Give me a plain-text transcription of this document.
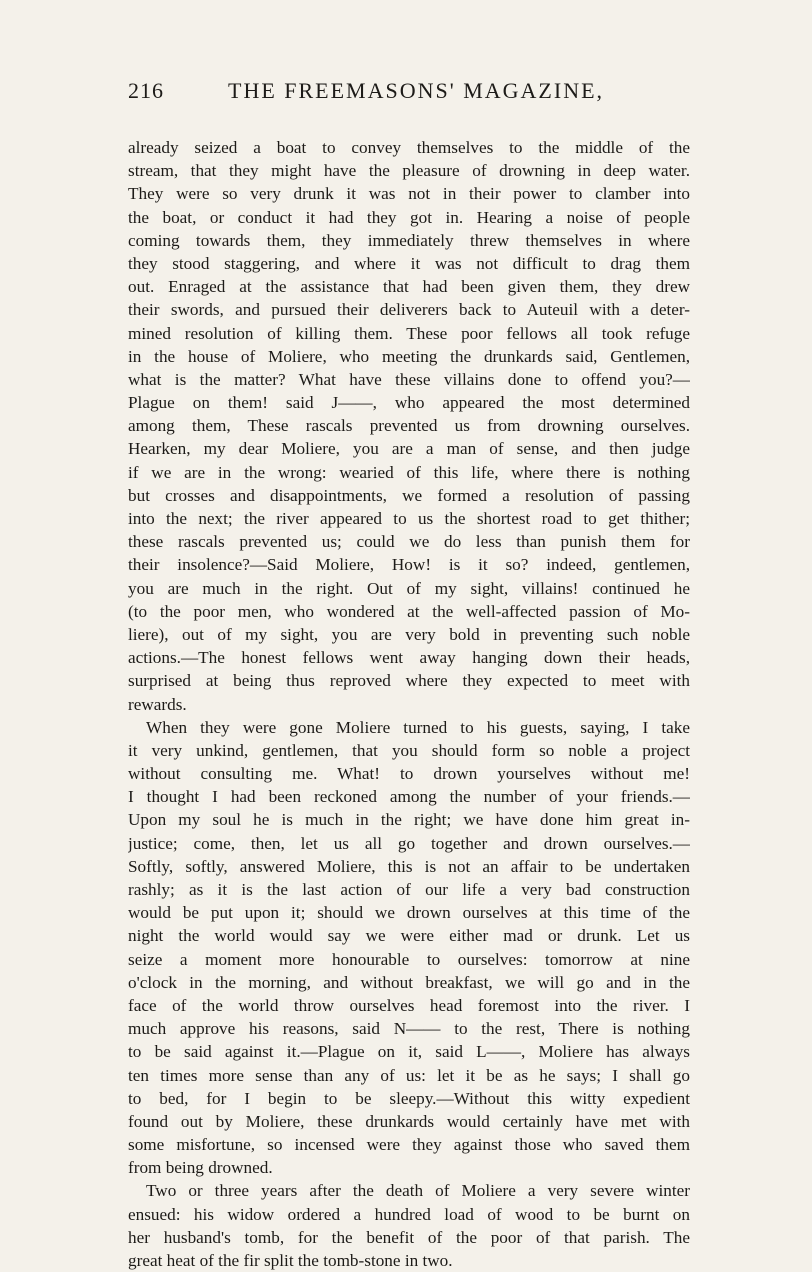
216	THE FREEMASONS' MAGAZINE,
already seized a boat to convey themselves to the middle of the
stream, that they might have the pleasure of drowning in deep water.
They were so very drunk it was not in their power to clamber into
the boat, or conduct it had they got in. Hearing a noise of people
coming towards them, they immediately threw themselves in where
they stood staggering, and where it was not difficult to drag them
out. Enraged at the assistance that had been given them, they drew
their swords, and pursued their deliverers back to Auteuil with a deter-
mined resolution of killing them. These poor fellows all took refuge
in the house of Moliere, who meeting the drunkards said, Gentlemen,
what is the matter? What have these villains done to offend you?—
Plague on them! said J——, who appeared the most determined
among them, These rascals prevented us from drowning ourselves.
Hearken, my dear Moliere, you are a man of sense, and then judge
if we are in the wrong: wearied of this life, where there is nothing
but crosses and disappointments, we formed a resolution of passing
into the next; the river appeared to us the shortest road to get thither;
these rascals prevented us; could we do less than punish them for
their insolence?—Said Moliere, How! is it so? indeed, gentlemen,
you are much in the right. Out of my sight, villains! continued he
(to the poor men, who wondered at the well-affected passion of Mo-
liere), out of my sight, you are very bold in preventing such noble
actions.—The honest fellows went away hanging down their heads,
surprised at being thus reproved where they expected to meet with
rewards.
When they were gone Moliere turned to his guests, saying, I take
it very unkind, gentlemen, that you should form so noble a project
without consulting me. What! to drown yourselves without me!
I thought I had been reckoned among the number of your friends.—
Upon my soul he is much in the right; we have done him great in-
justice; come, then, let us all go together and drown ourselves.—
Softly, softly, answered Moliere, this is not an affair to be undertaken
rashly; as it is the last action of our life a very bad construction
would be put upon it; should we drown ourselves at this time of the
night the world would say we were either mad or drunk. Let us
seize a moment more honourable to ourselves: tomorrow at nine
o'clock in the morning, and without breakfast, we will go and in the
face of the world throw ourselves head foremost into the river. I
much approve his reasons, said N—— to the rest, There is nothing
to be said against it.—Plague on it, said L——, Moliere has always
ten times more sense than any of us: let it be as he says; I shall go
to bed, for I begin to be sleepy.—Without this witty expedient
found out by Moliere, these drunkards would certainly have met with
some misfortune, so incensed were they against those who saved them
from being drowned.
Two or three years after the death of Moliere a very severe winter
ensued: his widow ordered a hundred load of wood to be burnt on
her husband's tomb, for the benefit of the poor of that parish. The
great heat of the fir split the tomb-stone in two.
